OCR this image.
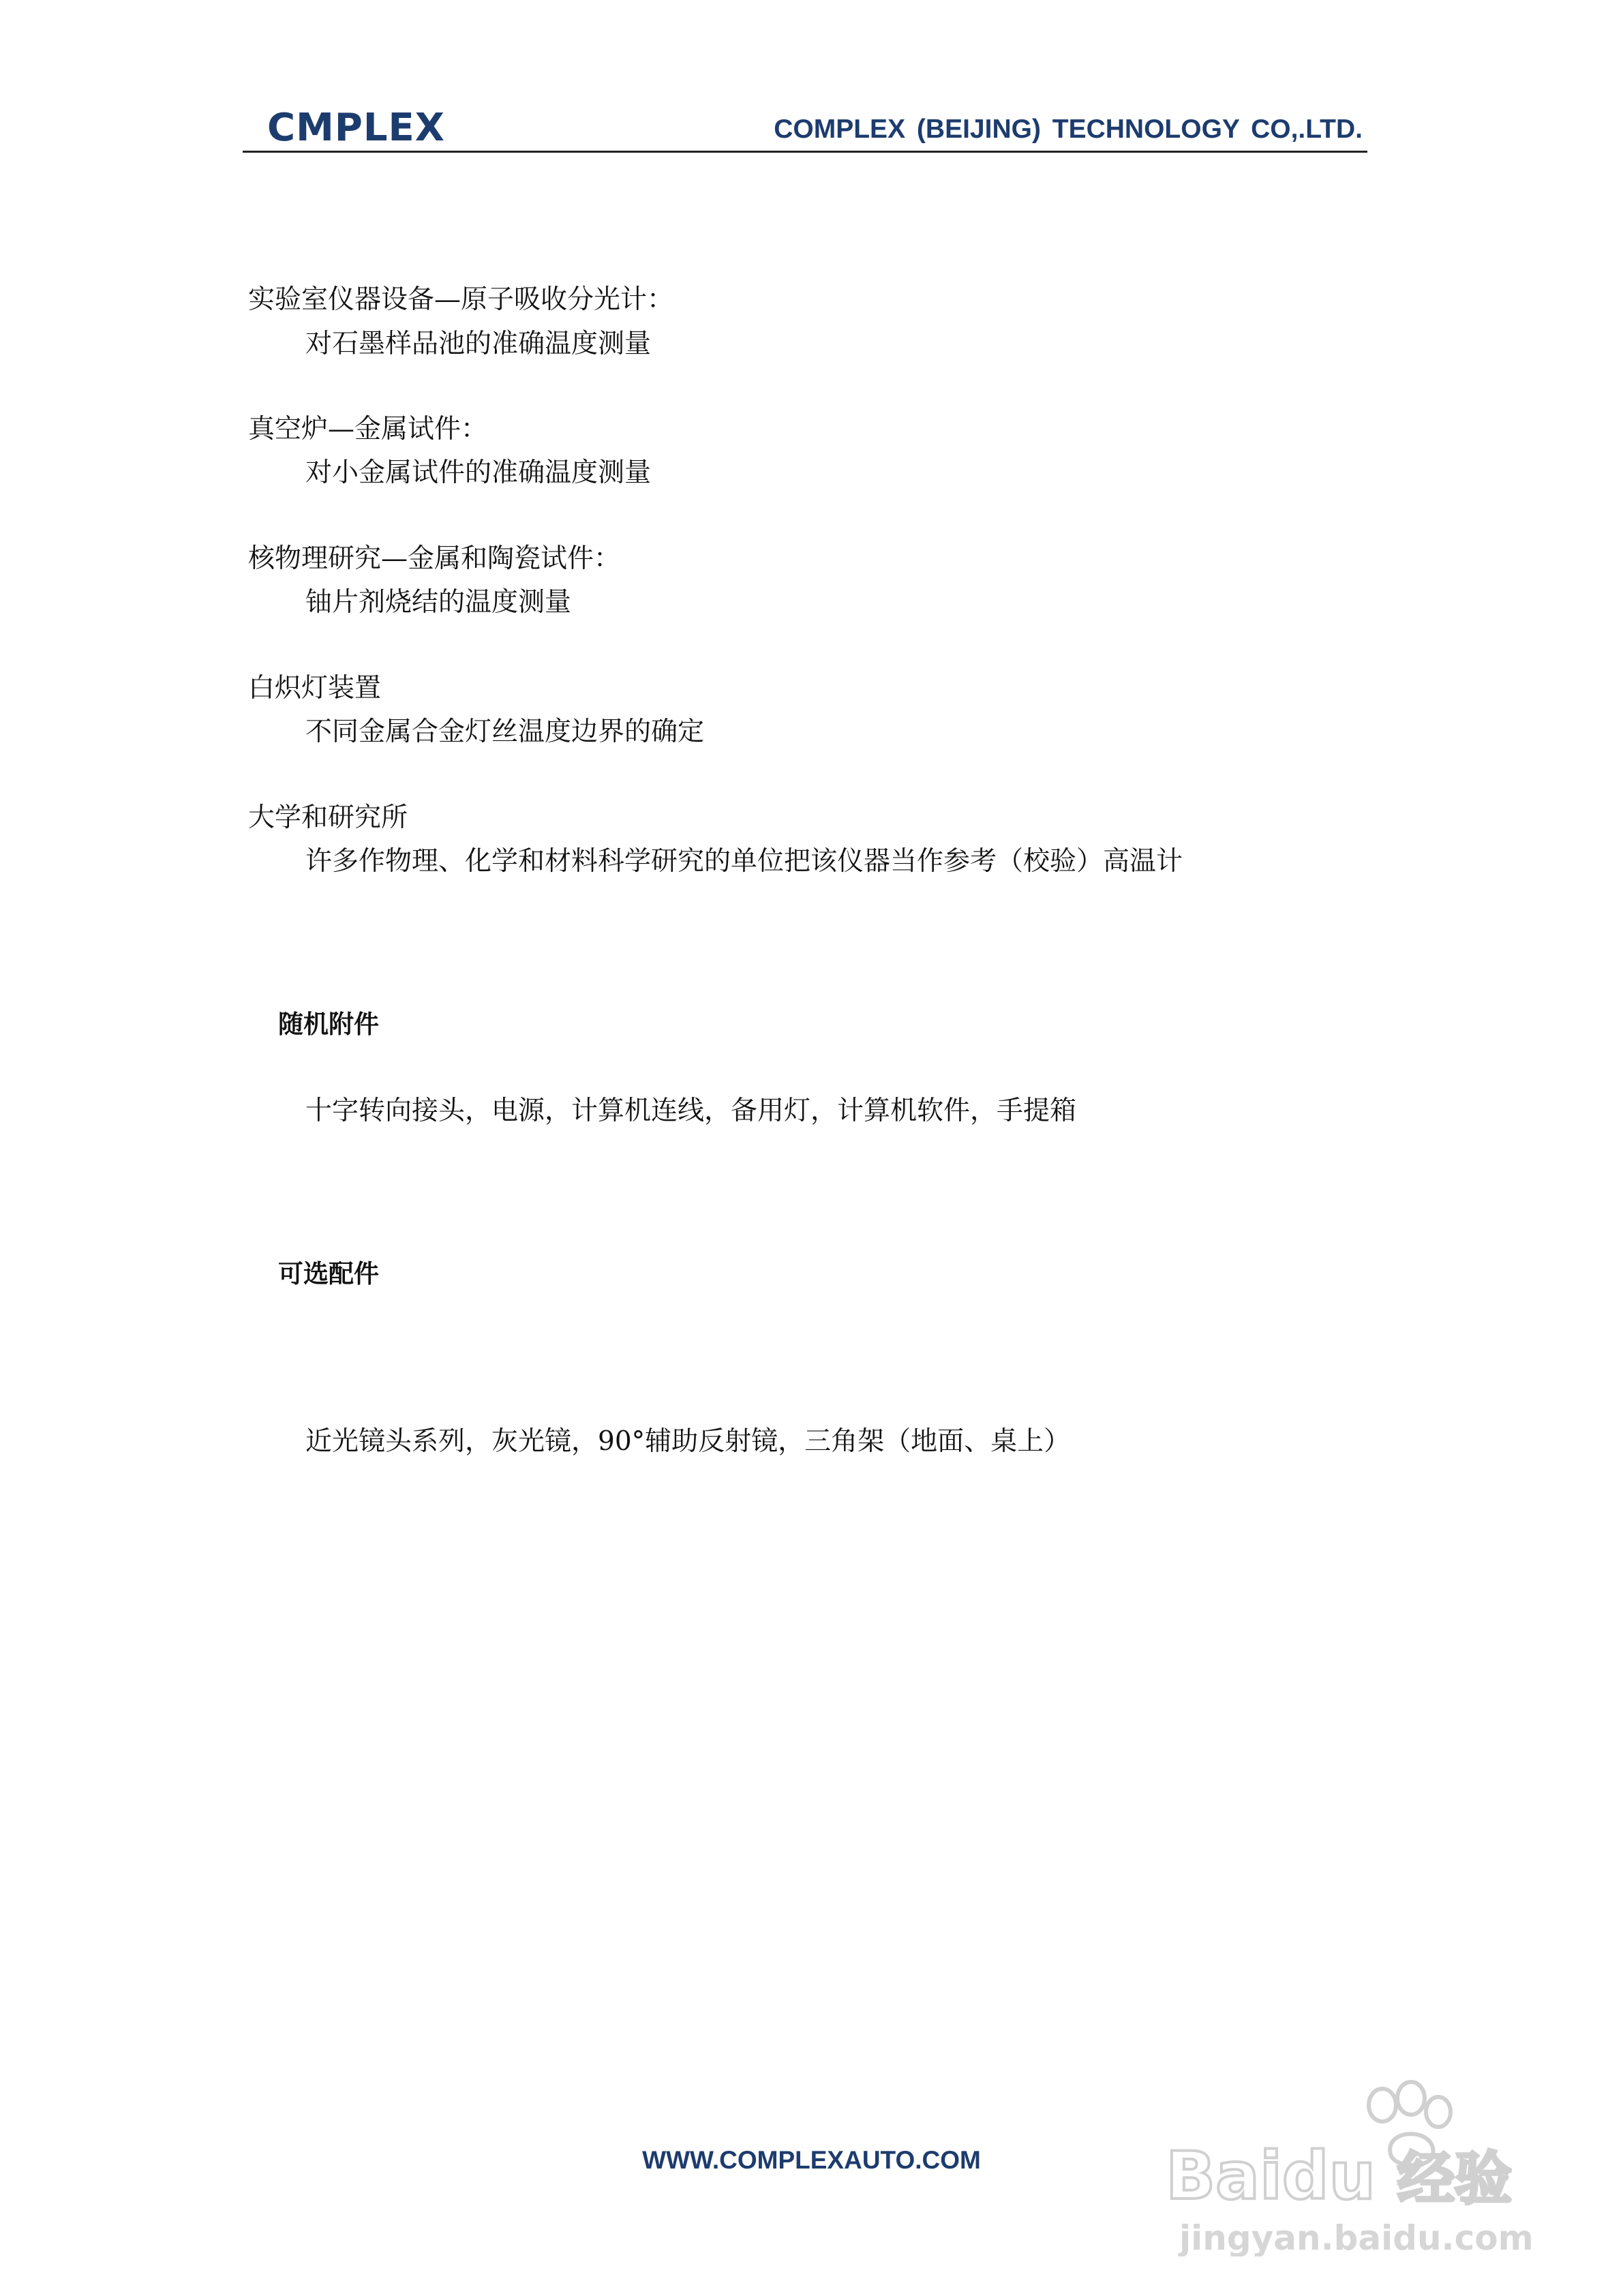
CMPLEX	COMPLEX (BEIJING) TECHNOLOGY CO,.LTD.
实验室仪器设备—原子吸收分光计：
对石墨样品池的准确温度测量
真空炉—金属试件：
对小金属试件的准确温度测量
核物理研究—金属和陶瓷试件：
铀片剂烧结的温度测量
白炽灯装置
不同金属合金灯丝温度边界的确定
大学和研究所
许多作物理、化学和材料科学研究的单位把该仪器当作参考（校验）高温计
随机附件
十字转向接头，电源，计算机连线，备用灯，计算机软件，手提箱
可选配件
近光镜头系列，灰光镜，90°辅助反射镜，三角架（地面、桌上）
WWW.COMPLEXAUTO.COM	Baidu 经验
jingyan.baidu.com
